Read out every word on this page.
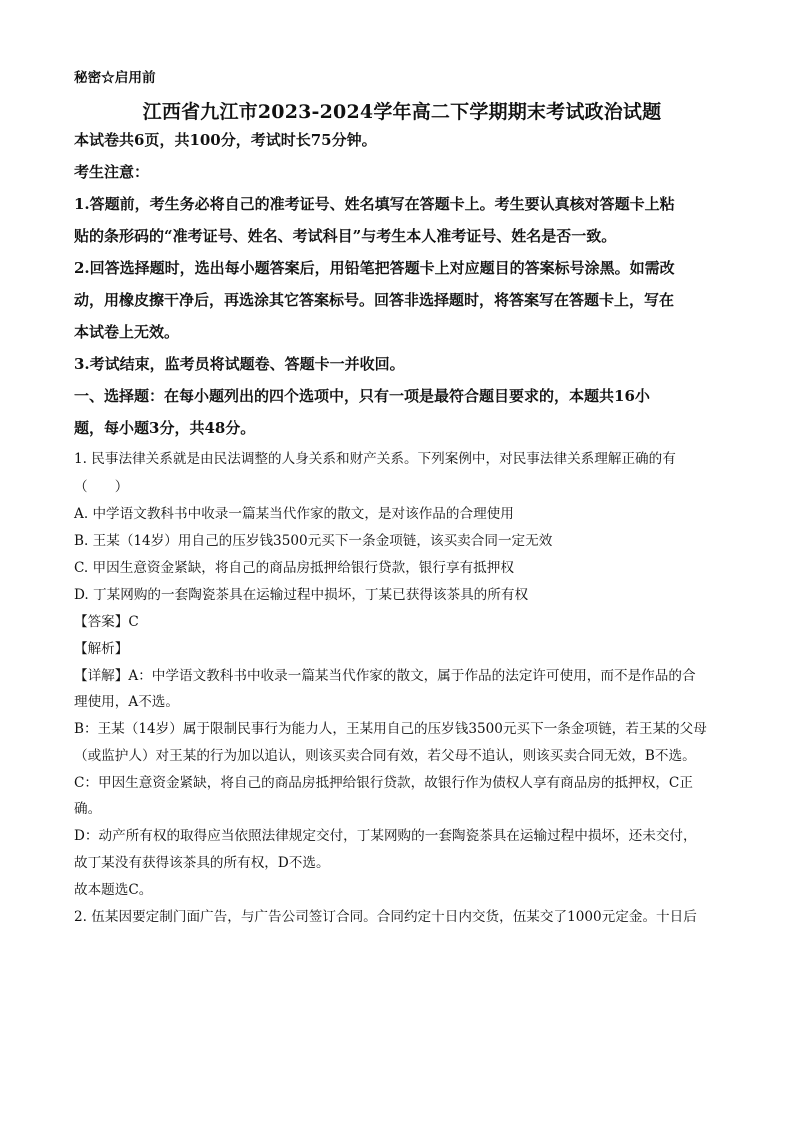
秘密☆启用前
江西省九江市2023-2024学年高二下学期期末考试政治试题
本试卷共6页，共100分，考试时长75分钟。
考生注意：
1.答题前，考生务必将自己的准考证号、姓名填写在答题卡上。考生要认真核对答题卡上粘
贴的条形码的“准考证号、姓名、考试科目”与考生本人准考证号、姓名是否一致。
2.回答选择题时，选出每小题答案后，用铅笔把答题卡上对应题目的答案标号涂黑。如需改
动，用橡皮擦干净后，再选涂其它答案标号。回答非选择题时，将答案写在答题卡上，写在
本试卷上无效。
3.考试结束，监考员将试题卷、答题卡一并收回。
一、选择题：在每小题列出的四个选项中，只有一项是最符合题目要求的，本题共16小
题，每小题3分，共48分。
1. 民事法律关系就是由民法调整的人身关系和财产关系。下列案例中，对民事法律关系理解正确的有
（　　）
A. 中学语文教科书中收录一篇某当代作家的散文，是对该作品的合理使用
B. 王某（14岁）用自己的压岁钱3500元买下一条金项链，该买卖合同一定无效
C. 甲因生意资金紧缺，将自己的商品房抵押给银行贷款，银行享有抵押权
D. 丁某网购的一套陶瓷茶具在运输过程中损坏，丁某已获得该茶具的所有权
【答案】C
【解析】
【详解】A：中学语文教科书中收录一篇某当代作家的散文，属于作品的法定许可使用，而不是作品的合
理使用，A不选。
B：王某（14岁）属于限制民事行为能力人，王某用自己的压岁钱3500元买下一条金项链，若王某的父母
（或监护人）对王某的行为加以追认，则该买卖合同有效，若父母不追认，则该买卖合同无效，B不选。
C：甲因生意资金紧缺，将自己的商品房抵押给银行贷款，故银行作为债权人享有商品房的抵押权，C正
确。
D：动产所有权的取得应当依照法律规定交付，丁某网购的一套陶瓷茶具在运输过程中损坏，还未交付，
故丁某没有获得该茶具的所有权，D不选。
故本题选C。
2. 伍某因要定制门面广告，与广告公司签订合同。合同约定十日内交货，伍某交了1000元定金。十日后
